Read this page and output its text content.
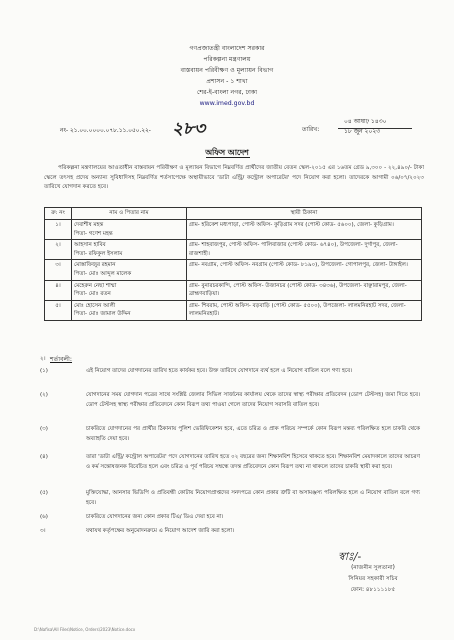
গণপ্রজাতন্ত্রী বাংলাদেশ সরকার
পরিকল্পনা মন্ত্রণালয়
বাস্তবায়ন পরিবীক্ষণ ও মূল্যায়ন বিভাগ
প্রশাসন - ১ শাখা
শের-ই-বাংলা নগর, ঢাকা
www.imed.gov.bd
নং- ২১.০০.০০০০.০৭৮.১১.০৫০.২২- ২৮৩	তারিখ:
০৪ আষাঢ় ১৪৩০
১৮ জুন ২০২৩
অফিস আদেশ
পরিকল্পনা মন্ত্রণালয়ের আওতাধীন বাস্তবায়ন পরিবীক্ষণ ও মূল্যায়ন বিভাগে নিম্নবর্ণিত প্রার্থীদের জাতীয় বেতন স্কেল-২০১৫ এর ১৬তম গ্রেড ৯,৩০০ - ২২,৪৯০/- টাকা স্কেলে তৎসহ প্রদেয় অন্যান্য সুবিধাদিসহ নিম্নবর্ণিত শর্তসাপেক্ষে অস্থায়ীভাবে 'ডাটা এন্ট্রি/ কন্ট্রোল অপারেটর' পদে নিয়োগ করা হলো। তাদেরকে আগামী ০৬/০৭/২০২৩ তারিখে যোগদান করতে হবে।
ক্র: নং	নাম ও পিতার নাম	স্থায়ী ঠিকানা
১।	দেবাশীষ মহন্ত
পিতা- গণেশ মহন্ত	গ্রাম- হরিকেশ মধ্যপাড়া, পোস্ট অফিস- কুড়িগ্রাম সদর (পোস্ট কোড- ৫৬০০), জেলা- কুড়িগ্রাম।
২।	আহসান হাবিব
পিতা- রফিকুল ইসলাম	গ্রাম- শাহবাজপুর, পোস্ট অফিস- পালিবাজার (পোস্ট কোড- ৬৭৪০), উপজেলা- দুর্গাপুর, জেলা- রাজশাহী।
৩।	মোস্তাফিজুর রহমান
পিতা- মোঃ আব্দুল মালেক	গ্রাম- নবগ্রাম, পোস্ট অফিস- নবগ্রাম (পোস্ট কোড- ৮১৯০), উপজেলা- গোপালপুর, জেলা- টাঙ্গাইল।
৪।	মেহেরুন নেছা শাম্মা
পিতা- মোঃ রতন	গ্রাম- বুনারচরকান্দি, পোস্ট অফিস- উজানচর (পোস্ট কোড- ৩৪৩৬), উপজেলা- বাঞ্ছারামপুর, জেলা- ব্রাহ্মণবাড়িয়া।
৫।	মোঃ হোসেন আলী
পিতা- মোঃ জামাল উদ্দিন	গ্রাম- শিবরাম, পোস্ট অফিস- বড়বাড়ি (পোস্ট কোড- ৫৫০০), উপজেলা- লালমনিরহাট সদর, জেলা- লালমনিরহাট।
২। শর্তাবলী:
(১)	এই নিয়োগ তাদের যোগদানের তারিখ হতে কার্যকর হবে। উক্ত তারিখে যোগদানে ব্যর্থ হলে এ নিয়োগ বাতিল বলে গণ্য হবে।
(২)	যোগদানের সময় যোগদান পত্রের সাথে সংশ্লিষ্ট জেলার সিভিল সার্জনের কার্যালয় থেকে তাদের স্বাস্থ্য পরীক্ষার প্রতিবেদন (ডোপ টেস্টসহ) জমা দিতে হবে। ডোপ টেস্টসহ স্বাস্থ্য পরীক্ষার প্রতিবেদনে কোন বিরূপ তথ্য পাওয়া গেলে তাদের নিয়োগ সরাসরি বাতিল হবে।
(৩)	চাকরিতে যোগদানের পর প্রার্থীর ঠিকানায় পুলিশ ভেরিফিকেশন হবে, এতে চরিত্র ও প্রাক পরিচয় সম্পর্কে কোন বিরূপ মন্তব্য পরিলক্ষিত হলে চাকরি থেকে অব্যাহতি দেয়া হবে।
(৪)	তারা 'ডাটা এন্ট্রি/ কন্ট্রোল অপারেটর' পদে যোগদানের তারিখ হতে ০২ বছরের জন্য শিক্ষানবিশ হিসেবে থাকতে হবে। শিক্ষানবিশ মেয়াদকালে তাদের আচরণ ও কর্ম সন্তোষজনক বিবেচিত হলে এবং চরিত্র ও পূর্ব পরিচয় সম্বন্ধে তদন্ত প্রতিবেদনে কোন বিরূপ তথ্য না থাকলে তাদের চাকরি স্থায়ী করা হবে।
(৫)	মুক্তিযোদ্ধা, আনসার ভিডিপি ও প্রতিবন্ধী কোটায় নিয়োগপ্রাপ্তদের সনদপত্রে কোন প্রকার ত্রুটি বা অসামঞ্জস্য পরিলক্ষিত হলে এ নিয়োগ বাতিল বলে গণ্য হবে।
(৬)	চাকরিতে যোগদানের জন্য কোন প্রকার টিএ/ ডিএ দেয়া হবে না।
৩।	যথাযথ কর্তৃপক্ষের অনুমোদনক্রমে এ নিয়োগ আদেশ জারি করা হলো।
স্বাঃ/-
(নাজনীন সুলতানা)
সিনিয়র সহকারী সচিব
ফোন: ৪৮১১১১৮৫
D:\Nafisa\All Files\Notice, Orders\2023\Notice.docx
